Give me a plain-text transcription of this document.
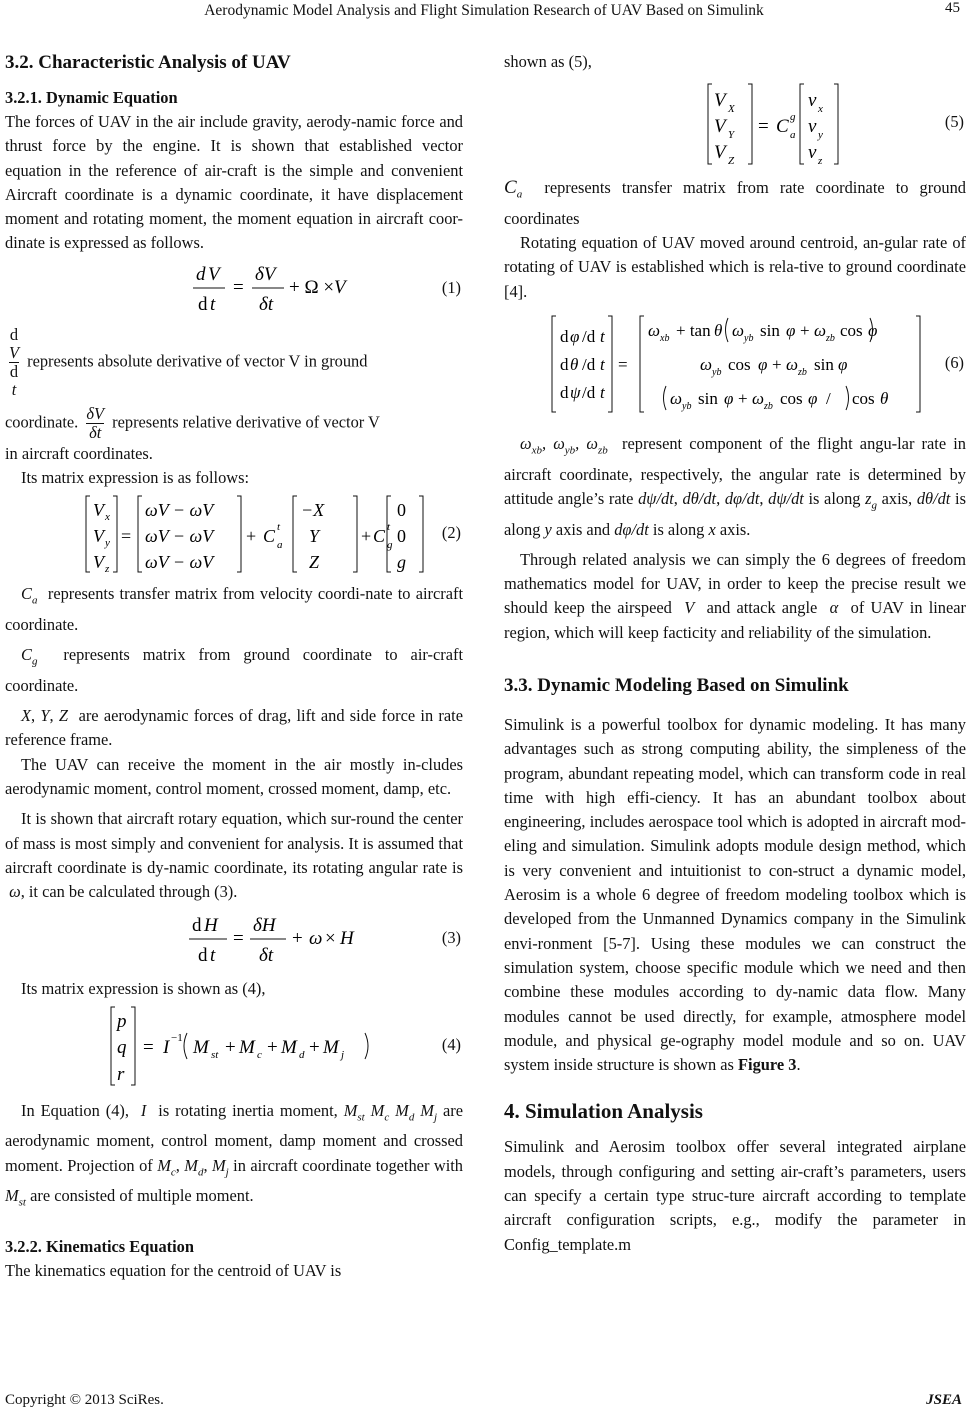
Aerodynamic Model Analysis and Flight Simulation Research of UAV Based on Simulink	45
3.2. Characteristic Analysis of UAV
3.2.1. Dynamic Equation

The forces of UAV in the air include gravity, aerody-namic force and thrust force by the engine. It is shown that established vector equation in the reference of air-craft is the simple and convenient Aircraft coordinate is a dynamic coordinate, it have displacement moment and rotating moment, the moment equation in aircraft coor-dinate is expressed as follows.

d V
d t
=
δV
δt
+ Ω × V	(1)

d
V
d
t represents absolute derivative of vector V in ground

coordinate. $\frac{\delta V}{\delta t}$ represents relative derivative of vector V

in aircraft coordinates.

Its matrix expression is as follows:

V x
V y
V z
=
ωV − ωV
ωV − ωV
ωV − ωV
+ C t
a
−X
Y
Z
+ C t
g
0
0
g
(2)

$C_a$ represents transfer matrix from velocity coordi-nate to aircraft coordinate.

$C_g$ represents matrix from ground coordinate to air-craft coordinate.

X, Y, Z are aerodynamic forces of drag, lift and side force in rate reference frame.

The UAV can receive the moment in the air mostly in-cludes aerodynamic moment, control moment, crossed moment, damp, etc.

It is shown that aircraft rotary equation, which sur-round the center of mass is most simply and convenient for analysis. It is assumed that aircraft coordinate is dy-namic coordinate, its rotating angular rate is  ω, it can be calculated through (3).

d H
d t
=
δH
δt
+ ω × H	(3)

Its matrix expression is shown as (4),

p
q
r
= I −1 M st + M c + M d + M j
(4)

In Equation (4), I is rotating inertia moment, $M_{st}$ $M_c$ $M_d$ $M_j$ are aerodynamic moment, control moment, damp moment and crossed moment. Projection of $M_c$, $M_d$, $M_j$ in aircraft coordinate together with $M_{st}$ are consisted of multiple moment.

3.2.2. Kinematics Equation

The kinematics equation for the centroid of UAV is

shown as (5),

V X
V Y
V Z
= C g
a
v x
v y
v z
(5)

$C_a$ represents transfer matrix from rate coordinate to ground coordinates

Rotating equation of UAV moved around centroid, an-gular rate of rotating of UAV is established which is rela-tive to ground coordinate [4].

d φ /d t
d θ /d t
d ψ /d t
=
ω xb + tan θ ω yb sin φ + ω zb cos
ω yb cos φ + ω zb sin φ
ω yb sin φ + ω zb cos φ / cos θ
φ
(6)

$\omega_{xb}$, $\omega_{yb}$, $\omega_{zb}$ represent component of the flight angu-lar rate in aircraft coordinate, respectively, the angular rate is determined by attitude angle’s rate dψ/dt, dθ/dt, dφ/dt, dψ/dt is along $z_g$ axis, dθ/dt is along y axis and dφ/dt is along x axis.

Through related analysis we can simply the 6 degrees of freedom mathematics model for UAV, in order to keep the precise result we should keep the airspeed V and attack angle α of UAV in linear region, which will keep facticity and reliability of the simulation.

3.3. Dynamic Modeling Based on Simulink

Simulink is a powerful toolbox for dynamic modeling. It has many advantages such as strong computing ability, the simpleness of the program, abundant repeating model, which can transform code in real time with high effi-ciency. It has an abundant toolbox about engineering, includes aerospace tool which is adopted in aircraft mod-eling and simulation. Simulink adopts module design method, which is very convenient and intuitionist to con-struct a dynamic model, Aerosim is a whole 6 degree of freedom modeling toolbox which is developed from the Unmanned Dynamics company in the Simulink envi-ronment [5-7]. Using these modules we can construct the simulation system, choose specific module which we need and then combine these modules according to dy-namic data flow. Many modules cannot be used directly, for example, atmosphere model module, and physical ge-ography model module and so on. UAV system inside structure is shown as Figure 3.

4. Simulation Analysis

Simulink and Aerosim toolbox offer several integrated airplane models, through configuring and setting air-craft’s parameters, users can specify a certain type struc-ture aircraft according to template aircraft configuration scripts, e.g., modify the parameter in Config_template.m

Copyright © 2013 SciRes.	JSEA
